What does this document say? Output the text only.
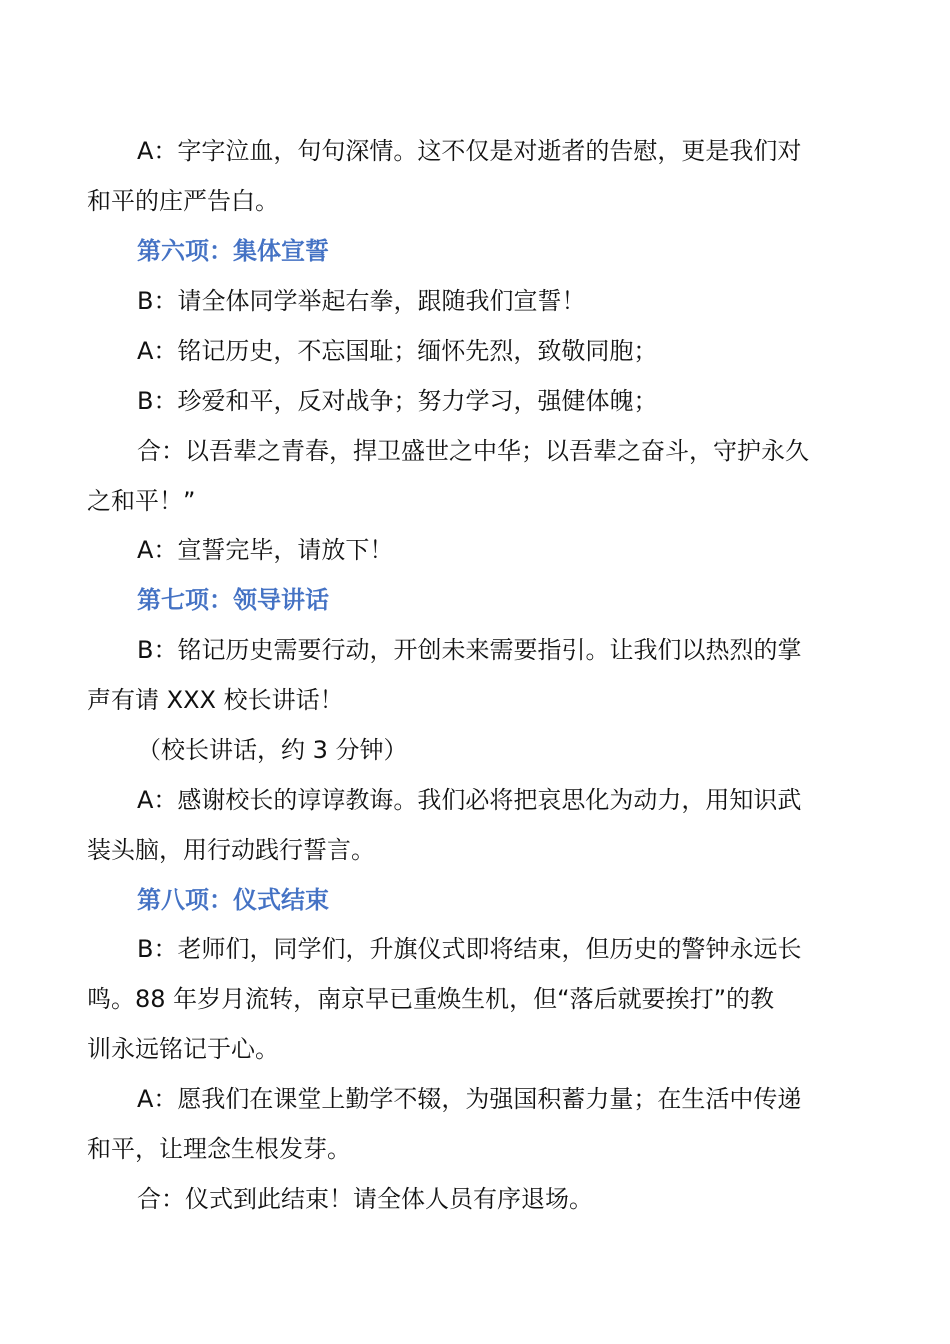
A：字字泣血，句句深情。这不仅是对逝者的告慰，更是我们对
和平的庄严告白。
第六项：集体宣誓
B：请全体同学举起右拳，跟随我们宣誓！
A：铭记历史，不忘国耻；缅怀先烈，致敬同胞；
B：珍爱和平，反对战争；努力学习，强健体魄；
合：以吾辈之青春，捍卫盛世之中华；以吾辈之奋斗，守护永久
之和平！”
A：宣誓完毕，请放下！
第七项：领导讲话
B：铭记历史需要行动，开创未来需要指引。让我们以热烈的掌
声有请 XXX 校长讲话！
（校长讲话，约 3 分钟）
A：感谢校长的谆谆教诲。我们必将把哀思化为动力，用知识武
装头脑，用行动践行誓言。
第八项：仪式结束
B：老师们，同学们，升旗仪式即将结束，但历史的警钟永远长
鸣。88 年岁月流转，南京早已重焕生机，但“落后就要挨打”的教
训永远铭记于心。
A：愿我们在课堂上勤学不辍，为强国积蓄力量；在生活中传递
和平，让理念生根发芽。
合：仪式到此结束！请全体人员有序退场。
